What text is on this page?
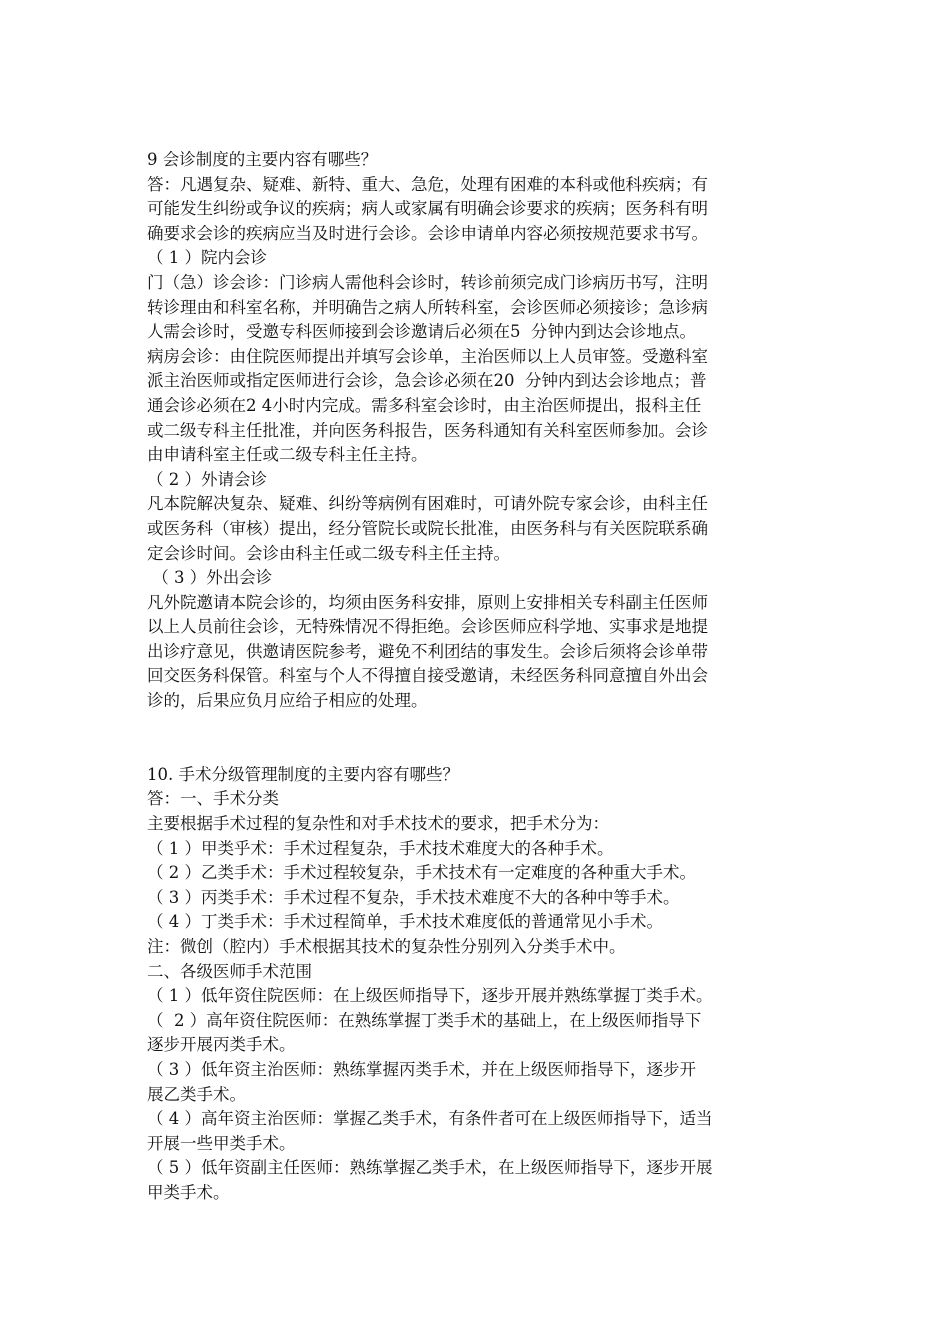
9 会诊制度的主要内容有哪些？

答：凡遇复杂、疑难、新特、重大、急危，处理有困难的本科或他科疾病；有

可能发生纠纷或争议的疾病；病人或家属有明确会诊要求的疾病；医务科有明

确要求会诊的疾病应当及时进行会诊。会诊申请单内容必须按规范要求书写。

（ 1 ）院内会诊

门（急）诊会诊：门诊病人需他科会诊时，转诊前须完成门诊病历书写，注明

转诊理由和科室名称，并明确告之病人所转科室，会诊医师必须接诊；急诊病

人需会诊时，受邀专科医师接到会诊邀请后必须在5  分钟内到达会诊地点。

病房会诊：由住院医师提出并填写会诊单，主治医师以上人员审签。受邀科室

派主治医师或指定医师进行会诊，急会诊必须在20  分钟内到达会诊地点；普

通会诊必须在2 4小时内完成。需多科室会诊时，由主治医师提出，报科主任

或二级专科主任批准，并向医务科报告，医务科通知有关科室医师参加。会诊

由申请科室主任或二级专科主任主持。

（ 2 ）外请会诊

凡本院解决复杂、疑难、纠纷等病例有困难时，可请外院专家会诊，由科主任

或医务科（审核）提出，经分管院长或院长批准，由医务科与有关医院联系确

定会诊时间。会诊由科主任或二级专科主任主持。

（ 3 ）外出会诊

凡外院邀请本院会诊的，均须由医务科安排，原则上安排相关专科副主任医师

以上人员前往会诊，无特殊情况不得拒绝。会诊医师应科学地、实事求是地提

出诊疗意见，供邀请医院参考，避免不利团结的事发生。会诊后须将会诊单带

回交医务科保管。科室与个人不得擅自接受邀请，未经医务科同意擅自外出会

诊的，后果应负月应给子相应的处理。

10. 手术分级管理制度的主要内容有哪些？

答：一、手术分类

主要根据手术过程的复杂性和对手术技术的要求，把手术分为：

（ 1 ）甲类乎术：手术过程复杂，手术技术难度大的各种手术。

（ 2 ）乙类手术：手术过程较复杂，手术技术有一定难度的各种重大手术。

（ 3 ）丙类手术：手术过程不复杂，手术技术难度不大的各种中等手术。

（ 4 ）丁类手术：手术过程简单，手术技术难度低的普通常见小手术。

注：微创（腔内）手术根据其技术的复杂性分别列入分类手术中。

二、各级医师手术范围

（ 1 ）低年资住院医师：在上级医师指导下，逐步开展并熟练掌握丁类手术。

（  2 ）高年资住院医师：在熟练掌握丁类手术的基础上，在上级医师指导下

逐步开展丙类手术。

（ 3 ）低年资主治医师：熟练掌握丙类手术，并在上级医师指导下，逐步开

展乙类手术。

（ 4 ）高年资主治医师：掌握乙类手术，有条件者可在上级医师指导下，适当

开展一些甲类手术。

（ 5 ）低年资副主任医师：熟练掌握乙类手术，在上级医师指导下，逐步开展

甲类手术。
